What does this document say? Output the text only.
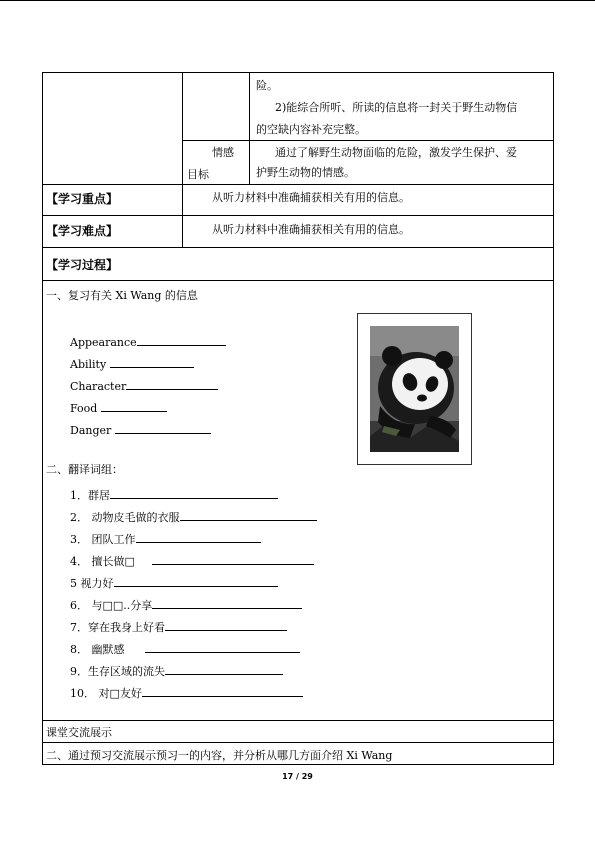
险。
2)能综合所听、所读的信息将一封关于野生动物信
的空缺内容补充完整。
情感
目标
通过了解野生动物面临的危险，激发学生保护、爱
护野生动物的情感。
【学习重点】	从听力材料中准确捕获相关有用的信息。
【学习难点】	从听力材料中准确捕获相关有用的信息。
【学习过程】
一、复习有关 Xi Wang 的信息
Appearance
Ability
Character
Food
Danger
二、翻译词组：
1．群居
2． 动物皮毛做的衣服
3． 团队工作
4． 擅长做□
5 视力好
6． 与□□..分享
7．穿在我身上好看
8． 幽默感
9．生存区域的流失
10． 对□友好
课堂交流展示
二、通过预习交流展示预习一的内容，并分析从哪几方面介绍 Xi Wang
17 / 29
